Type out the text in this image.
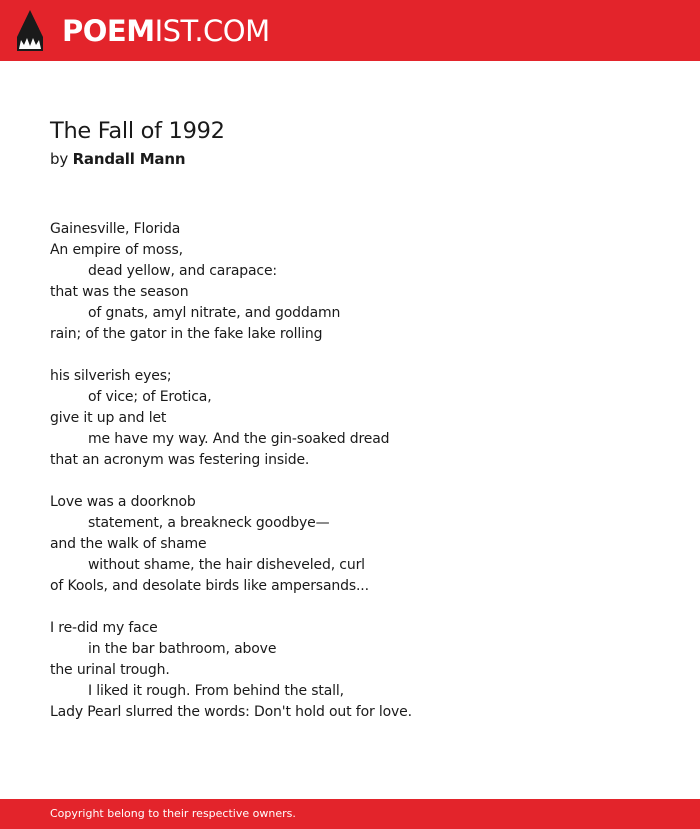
POEMIST.COM
The Fall of 1992
by Randall Mann
Gainesville, Florida
An empire of moss,
dead yellow, and carapace:
that was the season
of gnats, amyl nitrate, and goddamn
rain; of the gator in the fake lake rolling
his silverish eyes;
of vice; of Erotica,
give it up and let
me have my way. And the gin-soaked dread
that an acronym was festering inside.
Love was a doorknob
statement, a breakneck goodbye—
and the walk of shame
without shame, the hair disheveled, curl
of Kools, and desolate birds like ampersands...
I re-did my face
in the bar bathroom, above
the urinal trough.
I liked it rough. From behind the stall,
Lady Pearl slurred the words: Don't hold out for love.
Copyright belong to their respective owners.
